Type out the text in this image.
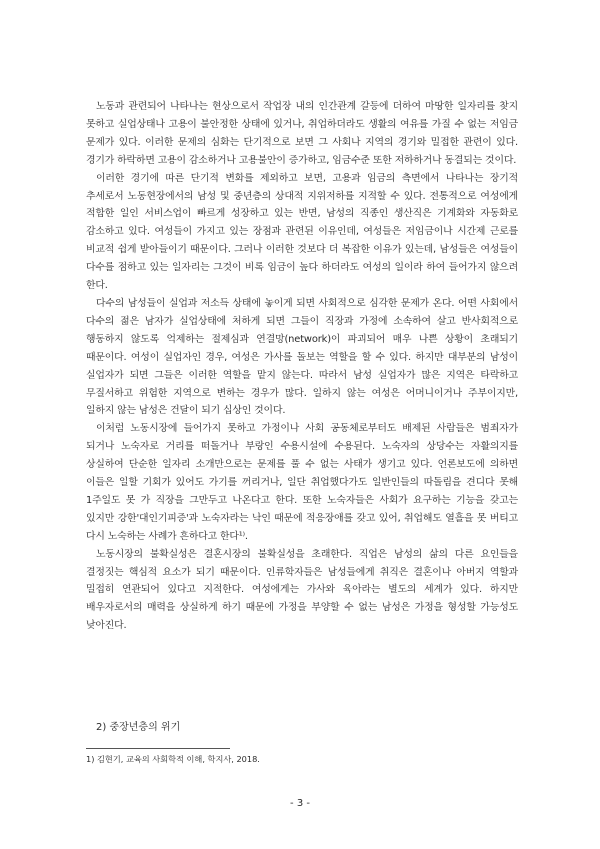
노동과 관련되어 나타나는 현상으로서 작업장 내의 인간관계 갈등에 더하여 마땅한 일자리를 찾지 못하고 실업상태나 고용이 불안정한 상태에 있거나, 취업하더라도 생활의 여유를 가질 수 없는 저임금 문제가 있다. 이러한 문제의 심화는 단기적으로 보면 그 사회나 지역의 경기와 밀접한 관련이 있다. 경기가 하락하면 고용이 감소하거나 고용불안이 증가하고, 임금수준 또한 저하하거나 동결되는 것이다.

이러한 경기에 따른 단기적 변화를 제외하고 보면, 고용과 임금의 측면에서 나타나는 장기적 추세로서 노동현장에서의 남성 및 중년층의 상대적 지위저하를 지적할 수 있다. 전통적으로 여성에게 적합한 일인 서비스업이 빠르게 성장하고 있는 반면, 남성의 직종인 생산직은 기계화와 자동화로 감소하고 있다. 여성들이 가지고 있는 장점과 관련된 이유인데, 여성들은 저임금이나 시간제 근로를 비교적 쉽게 받아들이기 때문이다. 그러나 이러한 것보다 더 복잡한 이유가 있는데, 남성들은 여성들이 다수를 점하고 있는 일자리는 그것이 비록 임금이 높다 하더라도 여성의 일이라 하여 들어가지 않으려 한다.

다수의 남성들이 실업과 저소득 상태에 놓이게 되면 사회적으로 심각한 문제가 온다. 어떤 사회에서 다수의 젊은 남자가 실업상태에 처하게 되면 그들이 직장과 가정에 소속하여 살고 반사회적으로 행동하지 않도록 억제하는 절제심과 연결망(network)이 파괴되어 매우 나쁜 상황이 초래되기 때문이다. 여성이 실업자인 경우, 여성은 가사를 돌보는 역할을 할 수 있다. 하지만 대부분의 남성이 실업자가 되면 그들은 이러한 역할을 맡지 않는다. 따라서 남성 실업자가 많은 지역은 타락하고 무질서하고 위험한 지역으로 변하는 경우가 많다. 일하지 않는 여성은 어머니이거나 주부이지만, 일하지 않는 남성은 건달이 되기 십상인 것이다.

이처럼 노동시장에 들어가지 못하고 가정이나 사회 공동체로부터도 배제된 사람들은 범죄자가 되거나 노숙자로 거리를 떠돌거나 부랑인 수용시설에 수용된다. 노숙자의 상당수는 자활의지를 상실하여 단순한 일자리 소개만으로는 문제를 풀 수 없는 사태가 생기고 있다. 언론보도에 의하면 이들은 일할 기회가 있어도 가기를 꺼리거나, 일단 취업했다가도 일반인들의 따돌림을 견디다 못해 1주일도 못 가 직장을 그만두고 나온다고 한다. 또한 노숙자들은 사회가 요구하는 기능을 갖고는 있지만 강한'대인기피증'과 노숙자라는 낙인 때문에 적응장애를 갖고 있어, 취업해도 열흘을 못 버티고 다시 노숙하는 사례가 흔하다고 한다¹⁾.

노동시장의 불확실성은 결혼시장의 불확실성을 초래한다. 직업은 남성의 삶의 다른 요인들을 결정짓는 핵심적 요소가 되기 때문이다. 인류학자들은 남성들에게 취직은 결혼이나 아버지 역할과 밀접히 연관되어 있다고 지적한다. 여성에게는 가사와 육아라는 별도의 세계가 있다. 하지만 배우자로서의 매력을 상실하게 하기 때문에 가정을 부양할 수 없는 남성은 가정을 형성할 가능성도 낮아진다.

2) 중장년층의 위기

1) 김현기, 교육의 사회학적 이해, 학지사, 2018.

- 3 -
